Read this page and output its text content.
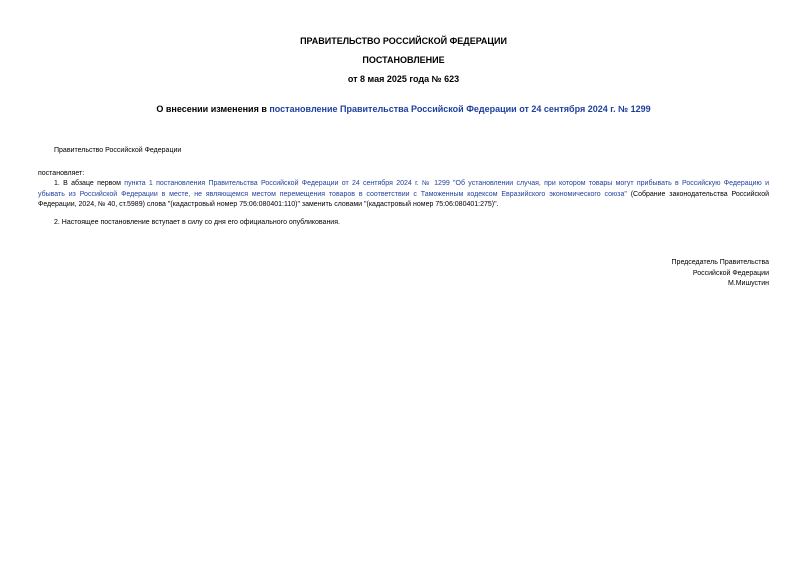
ПРАВИТЕЛЬСТВО РОССИЙСКОЙ ФЕДЕРАЦИИ
ПОСТАНОВЛЕНИЕ
от 8 мая 2025 года № 623
О внесении изменения в постановление Правительства Российской Федерации от 24 сентября 2024 г. № 1299
Правительство Российской Федерации
постановляет:
1. В абзаце первом пункта 1 постановления Правительства Российской Федерации от 24 сентября 2024 г. № 1299 "Об установлении случая, при котором товары могут прибывать в Российскую Федерацию и
убывать из Российской Федерации в месте, не являющемся местом перемещения товаров в соответствии с Таможенным кодексом Евразийского экономического союза" (Собрание законодательства Российской
Федерации, 2024, № 40, ст.5989) слова "(кадастровый номер 75:06:080401:110)" заменить словами "(кадастровый номер 75:06:080401:275)".
2. Настоящее постановление вступает в силу со дня его официального опубликования.
Председатель Правительства
Российской Федерации
М.Мишустин
